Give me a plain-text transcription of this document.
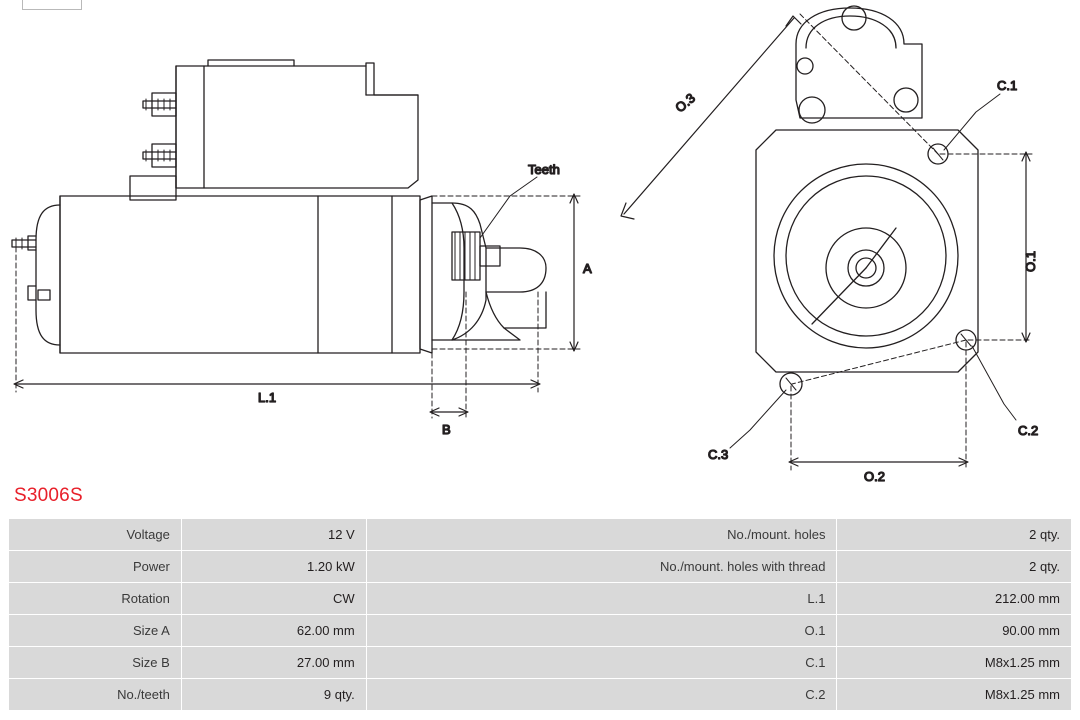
Teeth
A
B
L.1
O.3
O.1
O.2
C.1
C.2
C.3
S3006S
Voltage	12 V	No./mount. holes	2 qty.
Power	1.20 kW	No./mount. holes with thread	2 qty.
Rotation	CW	L.1	212.00 mm
Size A	62.00 mm	O.1	90.00 mm
Size B	27.00 mm	C.1	M8x1.25 mm
No./teeth	9 qty.	C.2	M8x1.25 mm
